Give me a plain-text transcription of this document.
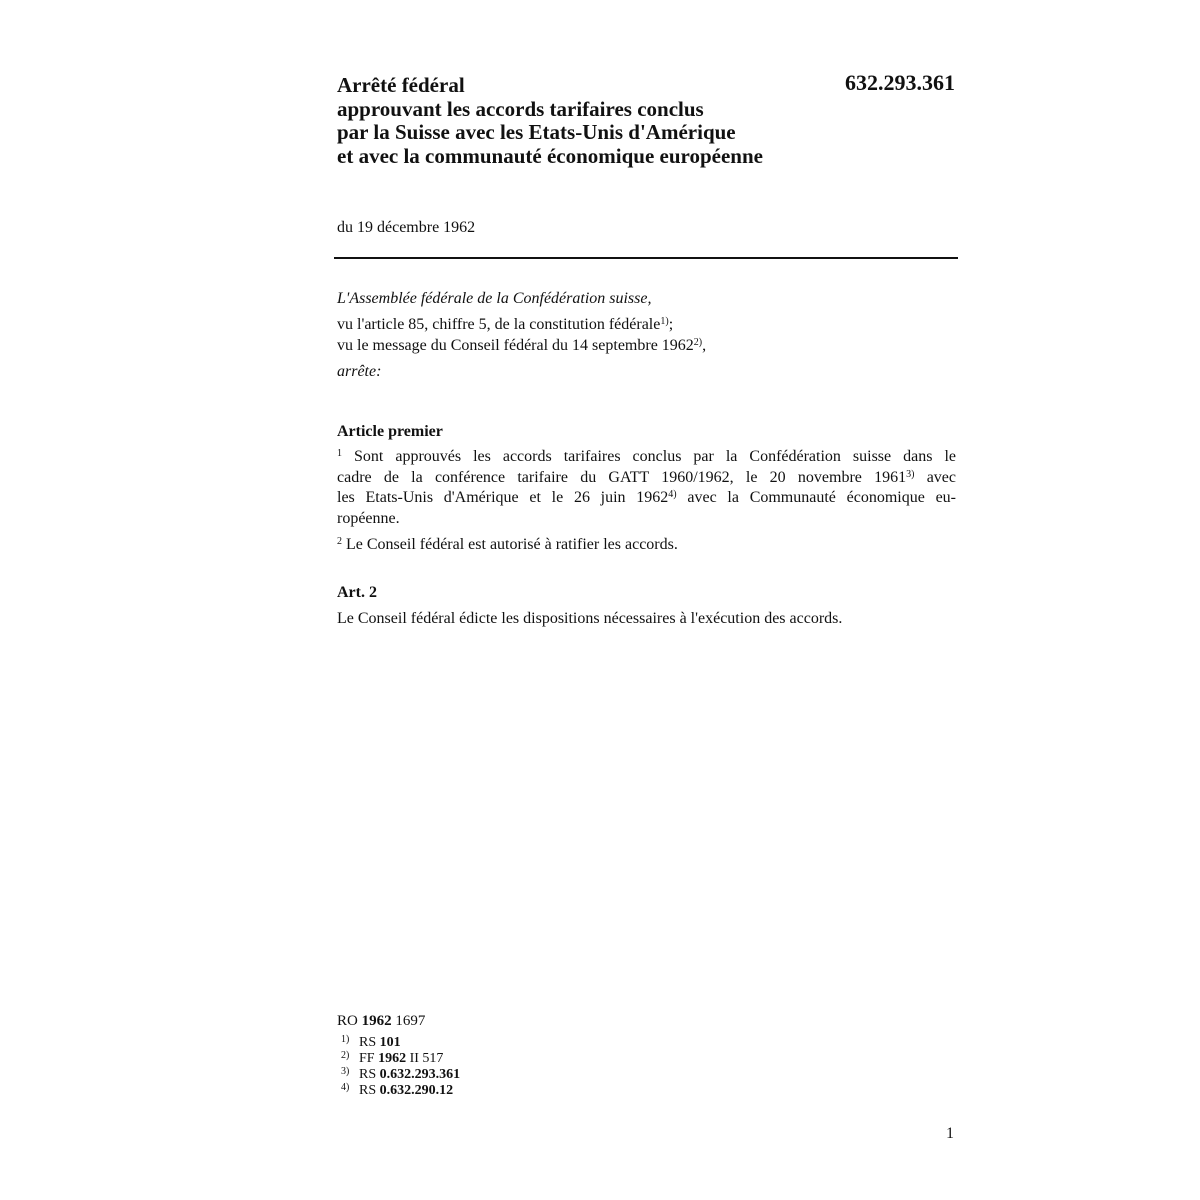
Arrêté fédéral
approuvant les accords tarifaires conclus
par la Suisse avec les Etats-Unis d'Amérique
et avec la communauté économique européenne
632.293.361
du 19 décembre 1962
L'Assemblée fédérale de la Confédération suisse,
vu l'article 85, chiffre 5, de la constitution fédérale$^{1)}$;
vu le message du Conseil fédéral du 14 septembre 1962$^{2)}$,
arrête:
Article premier
$^1$ Sont approuvés les accords tarifaires conclus par la Confédération suisse dans le
cadre de la conférence tarifaire du GATT 1960/1962, le 20 novembre 1961$^{3)}$ avec
les Etats-Unis d'Amérique et le 26 juin 1962$^{4)}$ avec la Communauté économique eu-
ropéenne.
$^2$ Le Conseil fédéral est autorisé à ratifier les accords.
Art. 2
Le Conseil fédéral édicte les dispositions nécessaires à l'exécution des accords.
RO 1962 1697
1) RS 101
2) FF 1962 II 517
3) RS 0.632.293.361
4) RS 0.632.290.12
1
